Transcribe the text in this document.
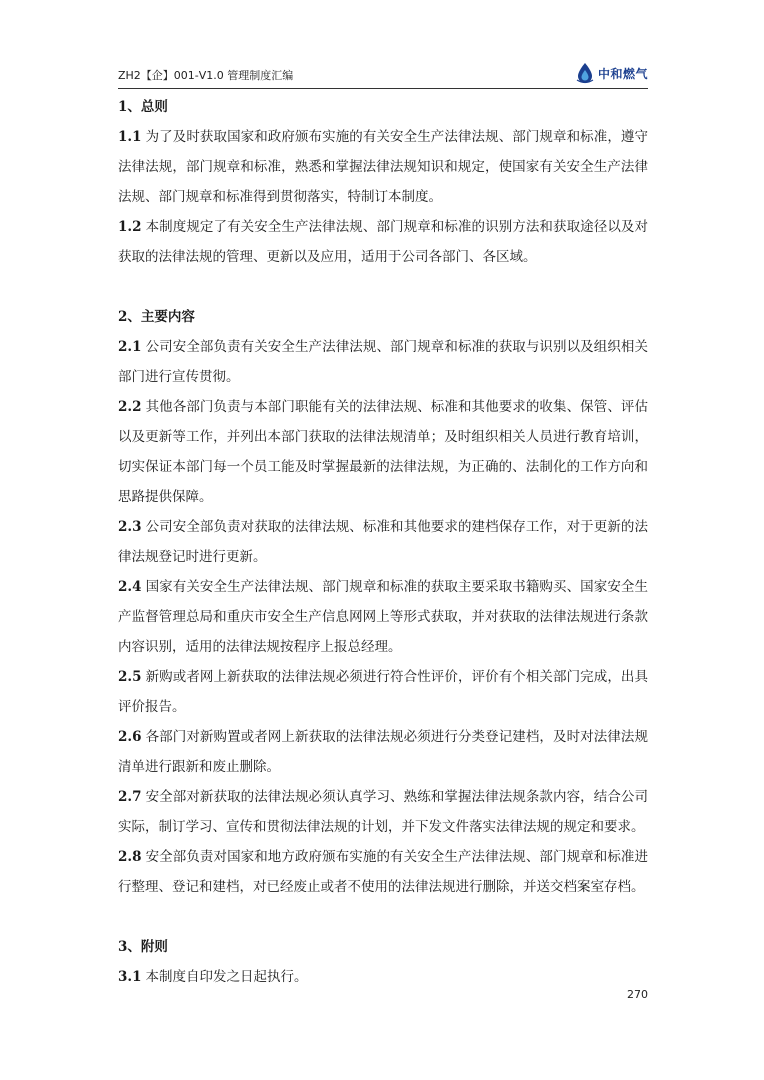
ZH2【企】001-V1.0 管理制度汇编	中和燃气
1、总则

1.1 为了及时获取国家和政府颁布实施的有关安全生产法律法规、部门规章和标准，遵守法律法规，部门规章和标准，熟悉和掌握法律法规知识和规定，使国家有关安全生产法律法规、部门规章和标准得到贯彻落实，特制订本制度。

1.2 本制度规定了有关安全生产法律法规、部门规章和标准的识别方法和获取途径以及对获取的法律法规的管理、更新以及应用，适用于公司各部门、各区域。

2、主要内容

2.1 公司安全部负责有关安全生产法律法规、部门规章和标准的获取与识别以及组织相关部门进行宣传贯彻。

2.2 其他各部门负责与本部门职能有关的法律法规、标准和其他要求的收集、保管、评估以及更新等工作，并列出本部门获取的法律法规清单；及时组织相关人员进行教育培训，切实保证本部门每一个员工能及时掌握最新的法律法规，为正确的、法制化的工作方向和思路提供保障。

2.3 公司安全部负责对获取的法律法规、标准和其他要求的建档保存工作，对于更新的法律法规登记时进行更新。

2.4 国家有关安全生产法律法规、部门规章和标准的获取主要采取书籍购买、国家安全生产监督管理总局和重庆市安全生产信息网网上等形式获取，并对获取的法律法规进行条款内容识别，适用的法律法规按程序上报总经理。

2.5 新购或者网上新获取的法律法规必须进行符合性评价，评价有个相关部门完成，出具评价报告。

2.6 各部门对新购置或者网上新获取的法律法规必须进行分类登记建档，及时对法律法规清单进行跟新和废止删除。

2.7 安全部对新获取的法律法规必须认真学习、熟练和掌握法律法规条款内容，结合公司实际，制订学习、宣传和贯彻法律法规的计划，并下发文件落实法律法规的规定和要求。

2.8 安全部负责对国家和地方政府颁布实施的有关安全生产法律法规、部门规章和标准进行整理、登记和建档，对已经废止或者不使用的法律法规进行删除，并送交档案室存档。

3、附则

3.1 本制度自印发之日起执行。

270
